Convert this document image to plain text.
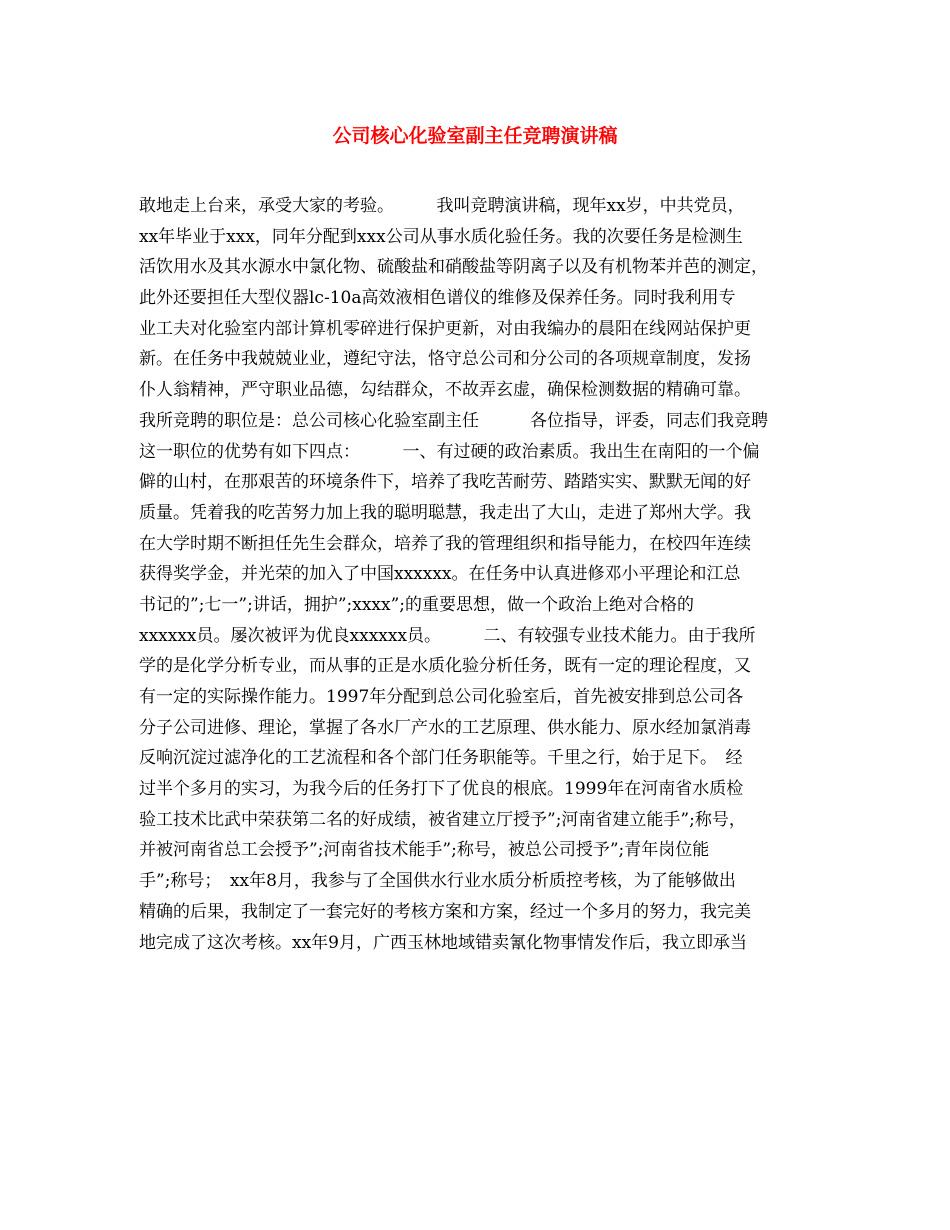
公司核心化验室副主任竞聘演讲稿
敢地走上台来，承受大家的考验。　　　我叫竞聘演讲稿，现年xx岁，中共党员，
xx年毕业于xxx，同年分配到xxx公司从事水质化验任务。我的次要任务是检测生
活饮用水及其水源水中氯化物、硫酸盐和硝酸盐等阴离子以及有机物苯并芭的测定，
此外还要担任大型仪器lc-10a高效液相色谱仪的维修及保养任务。同时我利用专
业工夫对化验室内部计算机零碎进行保护更新，对由我编办的晨阳在线网站保护更
新。在任务中我兢兢业业，遵纪守法，恪守总公司和分公司的各项规章制度，发扬
仆人翁精神，严守职业品德，勾结群众，不故弄玄虚，确保检测数据的精确可靠。
我所竞聘的职位是：总公司核心化验室副主任　　　各位指导，评委，同志们我竞聘
这一职位的优势有如下四点：　　　一、有过硬的政治素质。我出生在南阳的一个偏
僻的山村，在那艰苦的环境条件下，培养了我吃苦耐劳、踏踏实实、默默无闻的好
质量。凭着我的吃苦努力加上我的聪明聪慧，我走出了大山，走进了郑州大学。我
在大学时期不断担任先生会群众，培养了我的管理组织和指导能力，在校四年连续
获得奖学金，并光荣的加入了中国xxxxxx。在任务中认真进修邓小平理论和江总
书记的”;七一”;讲话，拥护”;xxxx”;的重要思想，做一个政治上绝对合格的
xxxxxx员。屡次被评为优良xxxxxx员。　　　二、有较强专业技术能力。由于我所
学的是化学分析专业，而从事的正是水质化验分析任务，既有一定的理论程度，又
有一定的实际操作能力。1997年分配到总公司化验室后，首先被安排到总公司各
分子公司进修、理论，掌握了各水厂产水的工艺原理、供水能力、原水经加氯消毒
反响沉淀过滤净化的工艺流程和各个部门任务职能等。千里之行，始于足下。　经
过半个多月的实习，为我今后的任务打下了优良的根底。1999年在河南省水质检
验工技术比武中荣获第二名的好成绩，被省建立厅授予”;河南省建立能手”;称号，
并被河南省总工会授予”;河南省技术能手”;称号，被总公司授予”;青年岗位能
手”;称号；　xx年8月，我参与了全国供水行业水质分析质控考核，为了能够做出
精确的后果，我制定了一套完好的考核方案和方案，经过一个多月的努力，我完美
地完成了这次考核。xx年9月，广西玉林地域错卖氰化物事情发作后，我立即承当
